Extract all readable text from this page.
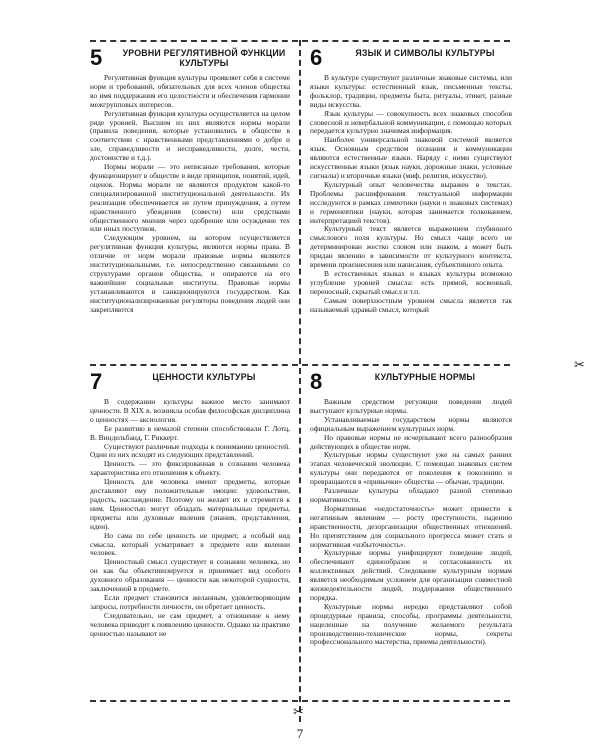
✂
✂
5	УРОВНИ РЕГУЛЯТИВНОЙ ФУНКЦИИ КУЛЬТУРЫ

Регулятивная функция культуры проявляет себя в системе норм и требований, обязательных для всех членов общества во имя поддержания его целостности и обеспечения гармонии межгрупповых интересов.

Регулятивная функция культуры осуществляется на целом ряде уровней. Высшим из них являются нормы морали (правила поведения, которые установились в обществе в соответствии с нравственными представлениями о добре и зле, справедливости и несправедливости, долге, чести, достоинстве и т.д.).

Нормы морали — это неписаные требования, которые функционируют в обществе в виде принципов, понятий, идей, оценок. Нормы морали не являются продуктом какой-то специализированной институциональной деятельности. Их реализация обеспечивается не путем принуждения, а путем нравственного убеждения (совести) или средствами общественного мнения через одобрение или осуждение тех или иных поступков.

Следующим уровнем, на котором осуществляется регулятивная функция культуры, являются нормы права. В отличие от норм морали правовые нормы являются институциональными, т.е. непосредственно связанными со структурами органов общества, и опираются на его важнейшие социальные институты. Правовые нормы устанавливаются и санкционируются государством. Как институционализированные регуляторы поведения людей они закрепляются

6	ЯЗЫК И СИМВОЛЫ КУЛЬТУРЫ

В культуре существуют различные знаковые системы, или языки культуры: естественный язык, письменные тексты, фольклор, традиции, предметы быта, ритуалы, этикет, разные виды искусства.

Язык культуры — совокупность всех знаковых способов словесной и невербальной коммуникации, с помощью которых передается культурно значимая информация.

Наиболее универсальной знаковой системой является язык. Основным средством познания и коммуникации являются естественные языки. Наряду с ними существуют искусственные языки (язык науки, дорожные знаки, условные сигналы) и вторичные языки (миф, религия, искусство).

Культурный опыт человечества выражен в текстах. Проблемы расшифрования текстуальной информации исследуются в рамках семиотики (науки о знаковых системах) и герменевтики (науки, которая занимается толкованием, интерпретацией текстов).

Культурный текст является выражением глубинного смыслового поля культуры. Но смысл чаще всего не детерминирован жестко словом или знаком, а может быть придан явлению в зависимости от культурного контекста, времени произнесения или написания, субъективного опыта.

В естественных языках и языках культуры возможно углубление уровней смысла: есть прямой, косвенный, переносный, скрытый смысл и т.п.

Самым поверхностным уровнем смысла является так называемый здравый смысл, который

7	ЦЕННОСТИ КУЛЬТУРЫ

В содержании культуры важное место занимают ценности. В XIX в. возникла особая философская дисциплина о ценностях — аксиология.

Ее развитию в немалой степени способствовали Г. Лотц, В. Виндельбанд, Г. Риккерт.

Существуют различные подходы к пониманию ценностей. Одни из них исходят из следующих представлений.

Ценность — это фиксированная в сознании человека характеристика его отношения к объекту.

Ценность для человека имеют предметы, которые доставляют ему положительные эмоции: удовольствие, радость, наслаждение. Поэтому он желает их и стремится к ним. Ценностью могут обладать материальные предметы, предметы или духовные явления (знания, представления, идеи).

Но сама по себе ценность не предмет, а особый вид смысла, который усматривает в предмете или явлении человек.

Ценностный смысл существует в сознании человека, но он как бы объективизируется и принимает вид особого духовного образования — ценности как некоторой сущности, заключенной в предмете.

Если предмет становится желанным, удовлетворяющим запросы, потребности личности, он обретает ценность.

Следовательно, не сам предмет, а отношение к нему человека приводит к появлению ценности. Однако на практике ценностью называют не

8	КУЛЬТУРНЫЕ НОРМЫ

Важным средством регуляции поведения людей выступают культурные нормы.

Устанавливаемые государством нормы являются официальным выражением культурных норм.

Но правовые нормы не исчерпывают всего разнообразия действующих в обществе норм.

Культурные нормы существуют уже на самых ранних этапах человеческой эволюции. С помощью знаковых систем культуры они передаются от поколения к поколению и превращаются в «привычки» общества — обычаи, традиции.

Различные культуры обладают разной степенью нормативности.

Нормативная «недостаточность» может привести к негативным явлениям — росту преступности, падению нравственности, дезорганизации общественных отношений. Но препятствием для социального прогресса может стать и нормативная «избыточность».

Культурные нормы унифицируют поведение людей, обеспечивают единообразие и согласованность их коллективных действий. Следование культурным нормам является необходимым условием для организации совместной жизнедеятельности людей, поддержания общественного порядка.

Культурные нормы нередко представляют собой процедурные правила, способы, программы деятельности, нацеленные на получение желаемого результата производственно-технические нормы, секреты профессионального мастерства, приемы деятельности).

7
